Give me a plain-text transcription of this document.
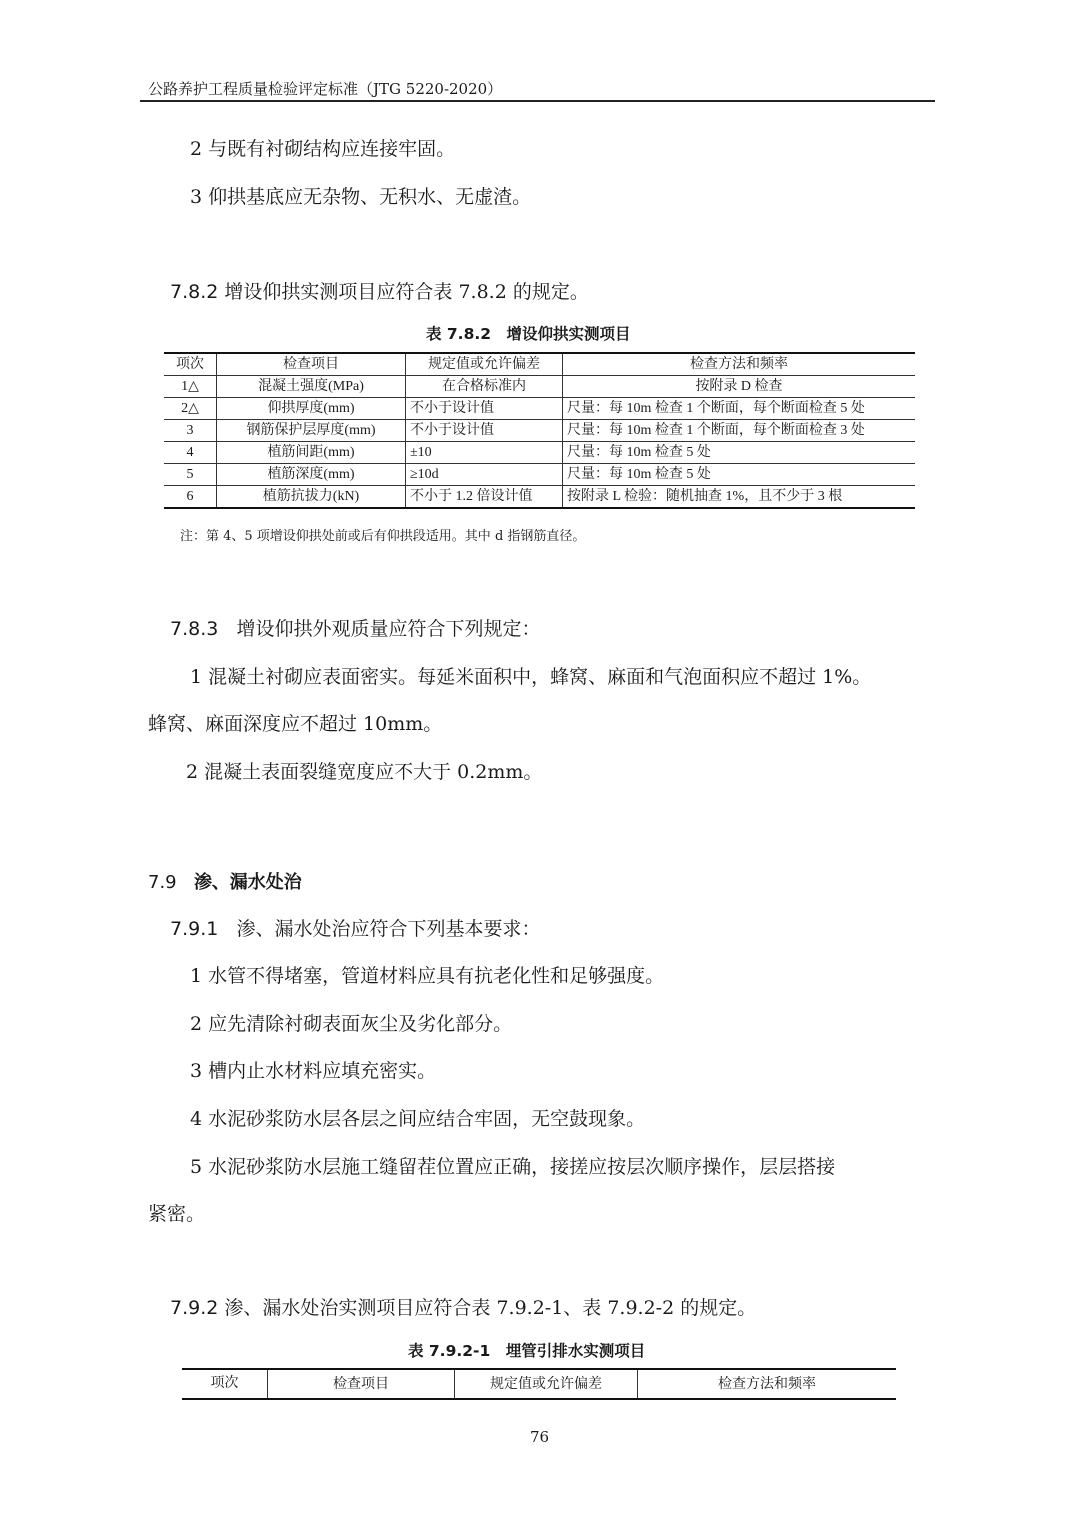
公路养护工程质量检验评定标准（JTG 5220-2020）
2 与既有衬砌结构应连接牢固。
3 仰拱基底应无杂物、无积水、无虚渣。
7.8.2 增设仰拱实测项目应符合表 7.8.2 的规定。
表 7.8.2　增设仰拱实测项目
项次	检查项目	规定值或允许偏差	检查方法和频率
1△	混凝土强度(MPa)	在合格标准内	按附录 D 检查
2△	仰拱厚度(mm)	不小于设计值	尺量：每 10m 检查 1 个断面，每个断面检查 5 处
3	钢筋保护层厚度(mm)	不小于设计值	尺量：每 10m 检查 1 个断面，每个断面检查 3 处
4	植筋间距(mm)	±10	尺量：每 10m 检查 5 处
5	植筋深度(mm)	≥10d	尺量：每 10m 检查 5 处
6	植筋抗拔力(kN)	不小于 1.2 倍设计值	按附录 L 检验：随机抽查 1%，且不少于 3 根
注：第 4、5 项增设仰拱处前或后有仰拱段适用。其中 d 指钢筋直径。
7.8.3 增设仰拱外观质量应符合下列规定：
1 混凝土衬砌应表面密实。每延米面积中，蜂窝、麻面和气泡面积应不超过 1%。
蜂窝、麻面深度应不超过 10mm。
2 混凝土表面裂缝宽度应不大于 0.2mm。
7.9 渗、漏水处治
7.9.1 渗、漏水处治应符合下列基本要求：
1 水管不得堵塞，管道材料应具有抗老化性和足够强度。
2 应先清除衬砌表面灰尘及劣化部分。
3 槽内止水材料应填充密实。
4 水泥砂浆防水层各层之间应结合牢固，无空鼓现象。
5 水泥砂浆防水层施工缝留茬位置应正确，接搓应按层次顺序操作，层层搭接
紧密。
7.9.2 渗、漏水处治实测项目应符合表 7.9.2-1、表 7.9.2-2 的规定。
表 7.9.2-1　埋管引排水实测项目
项次	检查项目	规定值或允许偏差	检查方法和频率
76
